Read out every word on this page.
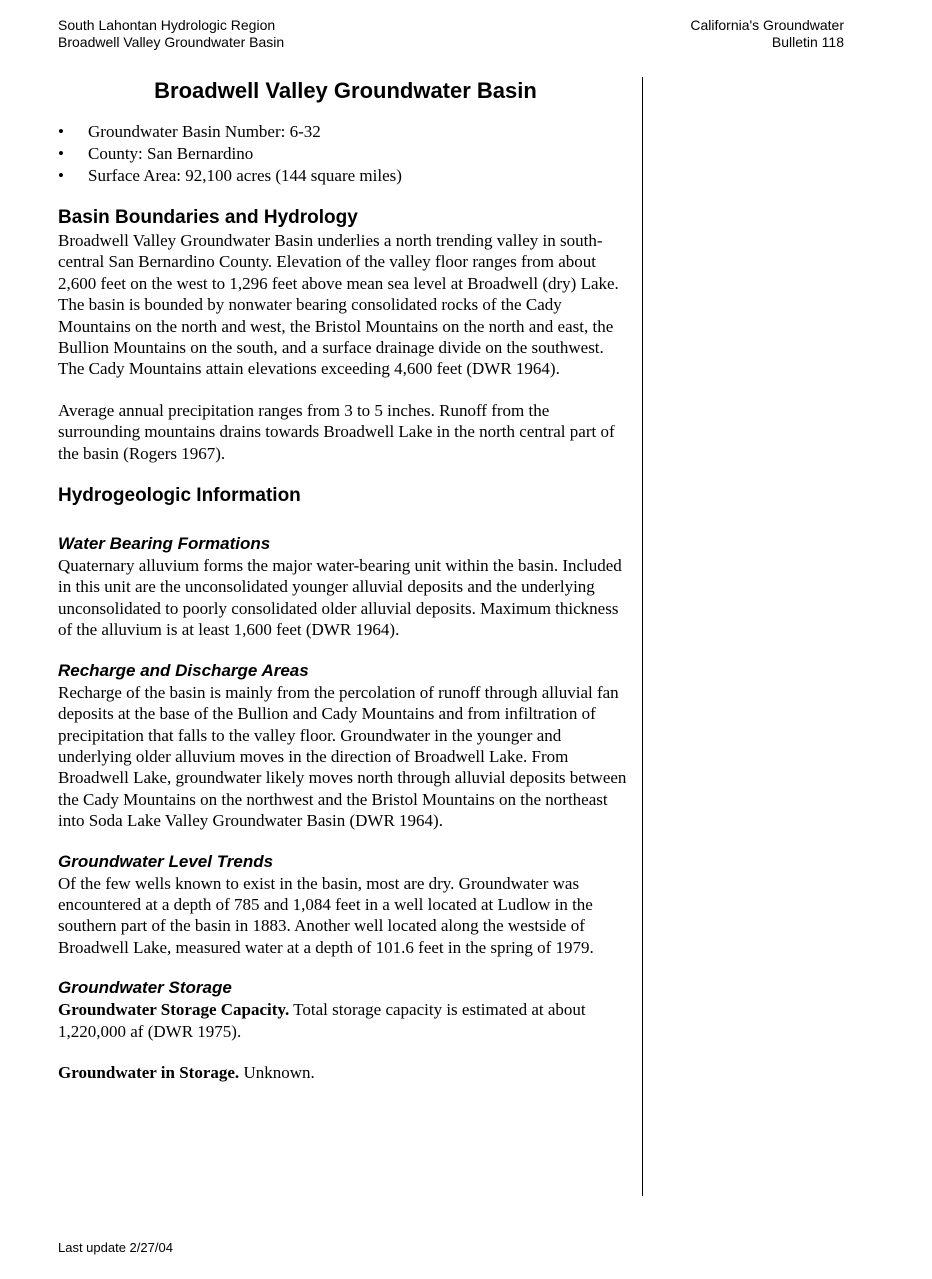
South Lahontan Hydrologic Region
Broadwell Valley Groundwater Basin
California's Groundwater
Bulletin 118
Broadwell Valley Groundwater Basin
• Groundwater Basin Number: 6-32
• County: San Bernardino
• Surface Area: 92,100 acres (144 square miles)
Basin Boundaries and Hydrology

Broadwell Valley Groundwater Basin underlies a north trending valley in south-central San Bernardino County. Elevation of the valley floor ranges from about 2,600 feet on the west to 1,296 feet above mean sea level at Broadwell (dry) Lake. The basin is bounded by nonwater bearing consolidated rocks of the Cady Mountains on the north and west, the Bristol Mountains on the north and east, the Bullion Mountains on the south, and a surface drainage divide on the southwest. The Cady Mountains attain elevations exceeding 4,600 feet (DWR 1964).

Average annual precipitation ranges from 3 to 5 inches. Runoff from the surrounding mountains drains towards Broadwell Lake in the north central part of the basin (Rogers 1967).

Hydrogeologic Information
Water Bearing Formations

Quaternary alluvium forms the major water-bearing unit within the basin. Included in this unit are the unconsolidated younger alluvial deposits and the underlying unconsolidated to poorly consolidated older alluvial deposits. Maximum thickness of the alluvium is at least 1,600 feet (DWR 1964).

Recharge and Discharge Areas

Recharge of the basin is mainly from the percolation of runoff through alluvial fan deposits at the base of the Bullion and Cady Mountains and from infiltration of precipitation that falls to the valley floor. Groundwater in the younger and underlying older alluvium moves in the direction of Broadwell Lake. From Broadwell Lake, groundwater likely moves north through alluvial deposits between the Cady Mountains on the northwest and the Bristol Mountains on the northeast into Soda Lake Valley Groundwater Basin (DWR 1964).

Groundwater Level Trends

Of the few wells known to exist in the basin, most are dry. Groundwater was encountered at a depth of 785 and 1,084 feet in a well located at Ludlow in the southern part of the basin in 1883. Another well located along the westside of Broadwell Lake, measured water at a depth of 101.6 feet in the spring of 1979.

Groundwater Storage

Groundwater Storage Capacity. Total storage capacity is estimated at about 1,220,000 af (DWR 1975).

Groundwater in Storage. Unknown.

Last update 2/27/04
